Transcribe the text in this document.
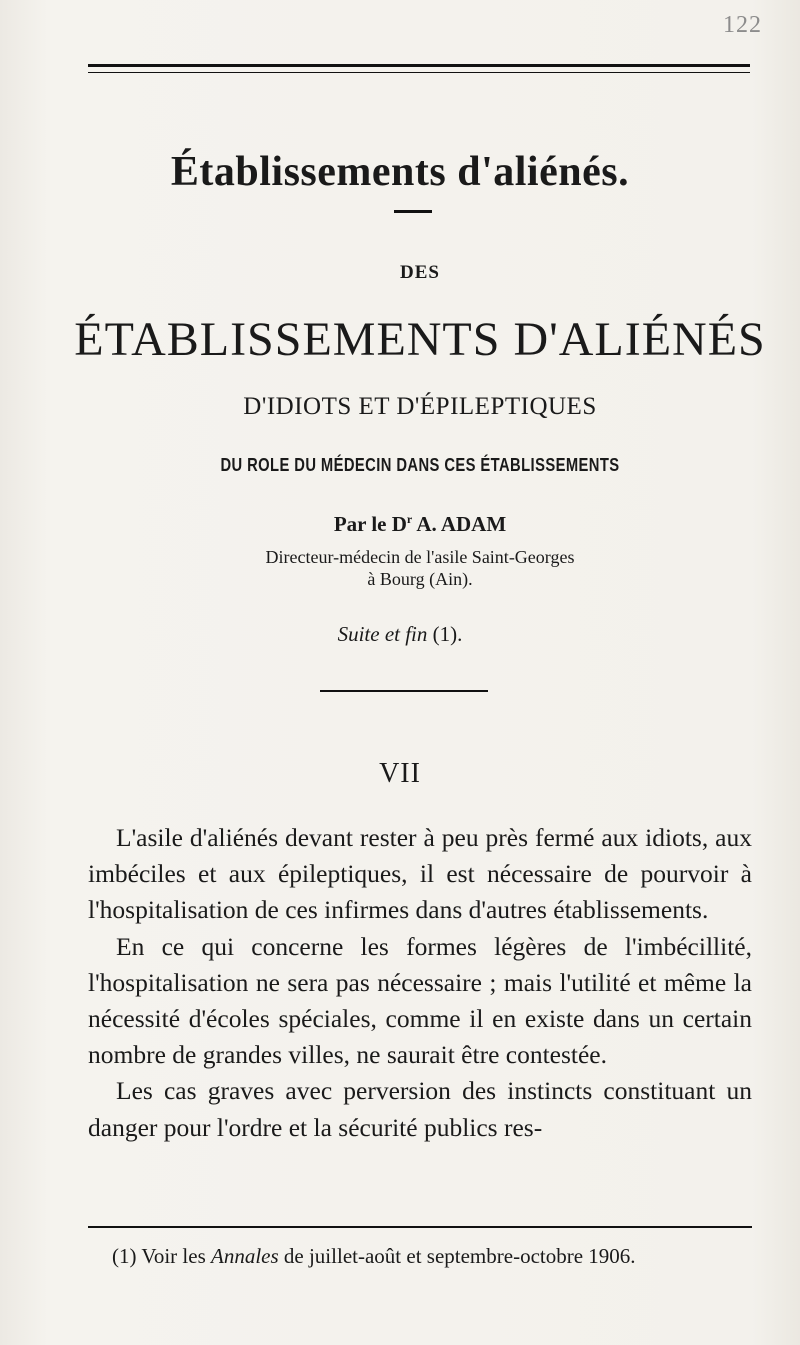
122
Établissements d'aliénés.
DES
ÉTABLISSEMENTS D'ALIÉNÉS
D'IDIOTS ET D'ÉPILEPTIQUES
DU ROLE DU MÉDECIN DANS CES ÉTABLISSEMENTS
Par le $D^r$ A. ADAM
Directeur-médecin de l'asile Saint-Georges
à Bourg (Ain).
Suite et fin (1).
VII

L'asile d'aliénés devant rester à peu près fermé aux idiots, aux imbéciles et aux épileptiques, il est nécessaire de pourvoir à l'hospitalisation de ces infirmes dans d'autres établissements.

En ce qui concerne les formes légères de l'imbécillité, l'hospitalisation ne sera pas nécessaire ; mais l'utilité et même la nécessité d'écoles spéciales, comme il en existe dans un certain nombre de grandes villes, ne saurait être contestée.

Les cas graves avec perversion des instincts constituant un danger pour l'ordre et la sécurité publics res-

(1) Voir les Annales de juillet-août et septembre-octobre 1906.
